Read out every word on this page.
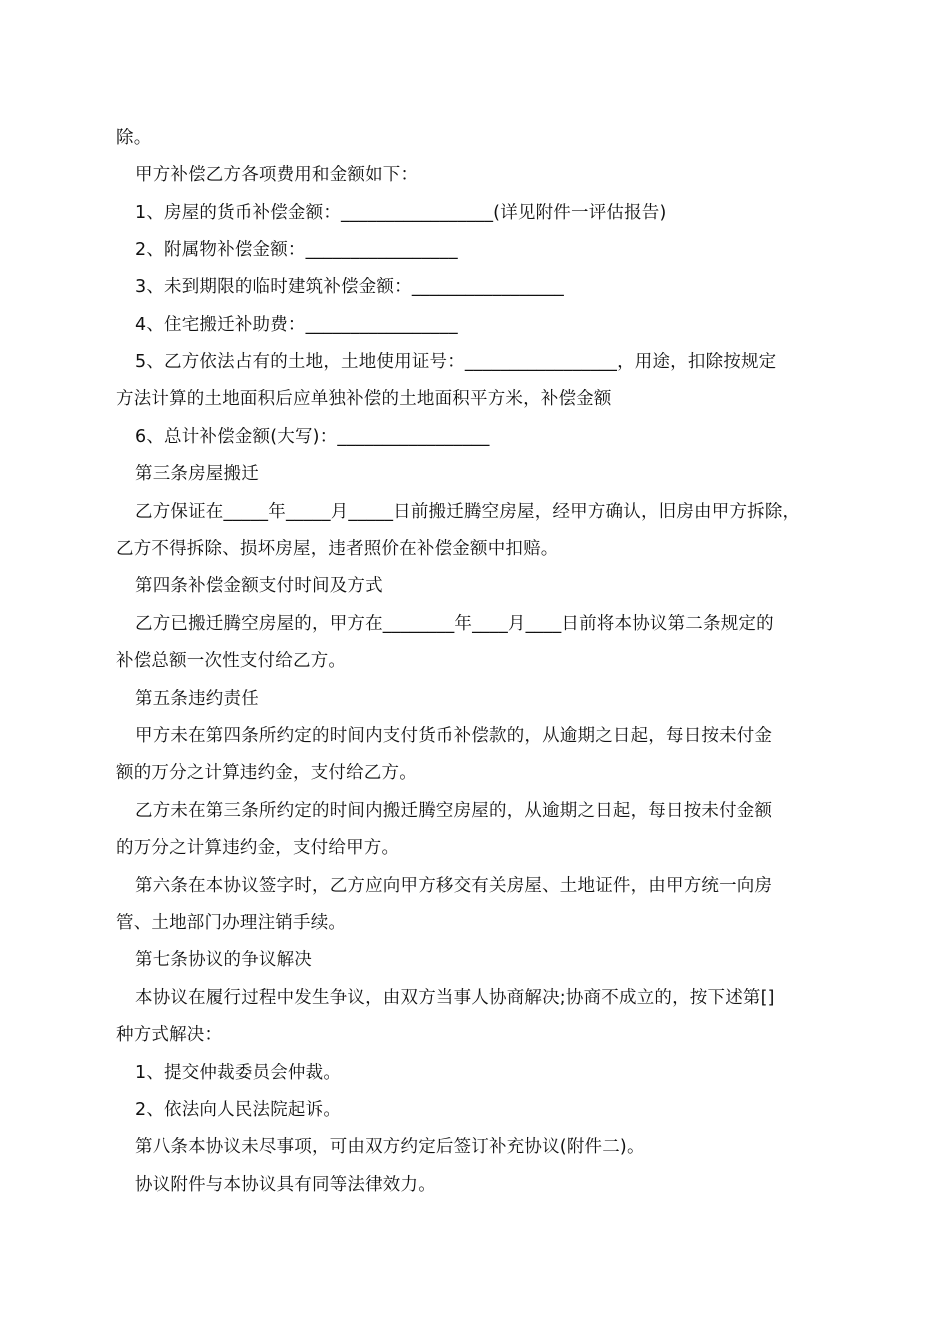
除。
甲方补偿乙方各项费用和金额如下：
1、房屋的货币补偿金额：_________________(详见附件一评估报告)
2、附属物补偿金额：_________________
3、未到期限的临时建筑补偿金额：_________________
4、住宅搬迁补助费：_________________
5、乙方依法占有的土地，土地使用证号：_________________，用途，扣除按规定
方法计算的土地面积后应单独补偿的土地面积平方米，补偿金额
6、总计补偿金额(大写)：_________________
第三条房屋搬迁
乙方保证在_____年_____月_____日前搬迁腾空房屋，经甲方确认，旧房由甲方拆除，
乙方不得拆除、损坏房屋，违者照价在补偿金额中扣赔。
第四条补偿金额支付时间及方式
乙方已搬迁腾空房屋的，甲方在________年____月____日前将本协议第二条规定的
补偿总额一次性支付给乙方。
第五条违约责任
甲方未在第四条所约定的时间内支付货币补偿款的，从逾期之日起，每日按未付金
额的万分之计算违约金，支付给乙方。
乙方未在第三条所约定的时间内搬迁腾空房屋的，从逾期之日起，每日按未付金额
的万分之计算违约金，支付给甲方。
第六条在本协议签字时，乙方应向甲方移交有关房屋、土地证件，由甲方统一向房
管、土地部门办理注销手续。
第七条协议的争议解决
本协议在履行过程中发生争议，由双方当事人协商解决;协商不成立的，按下述第[]
种方式解决：
1、提交仲裁委员会仲裁。
2、依法向人民法院起诉。
第八条本协议未尽事项，可由双方约定后签订补充协议(附件二)。
协议附件与本协议具有同等法律效力。
